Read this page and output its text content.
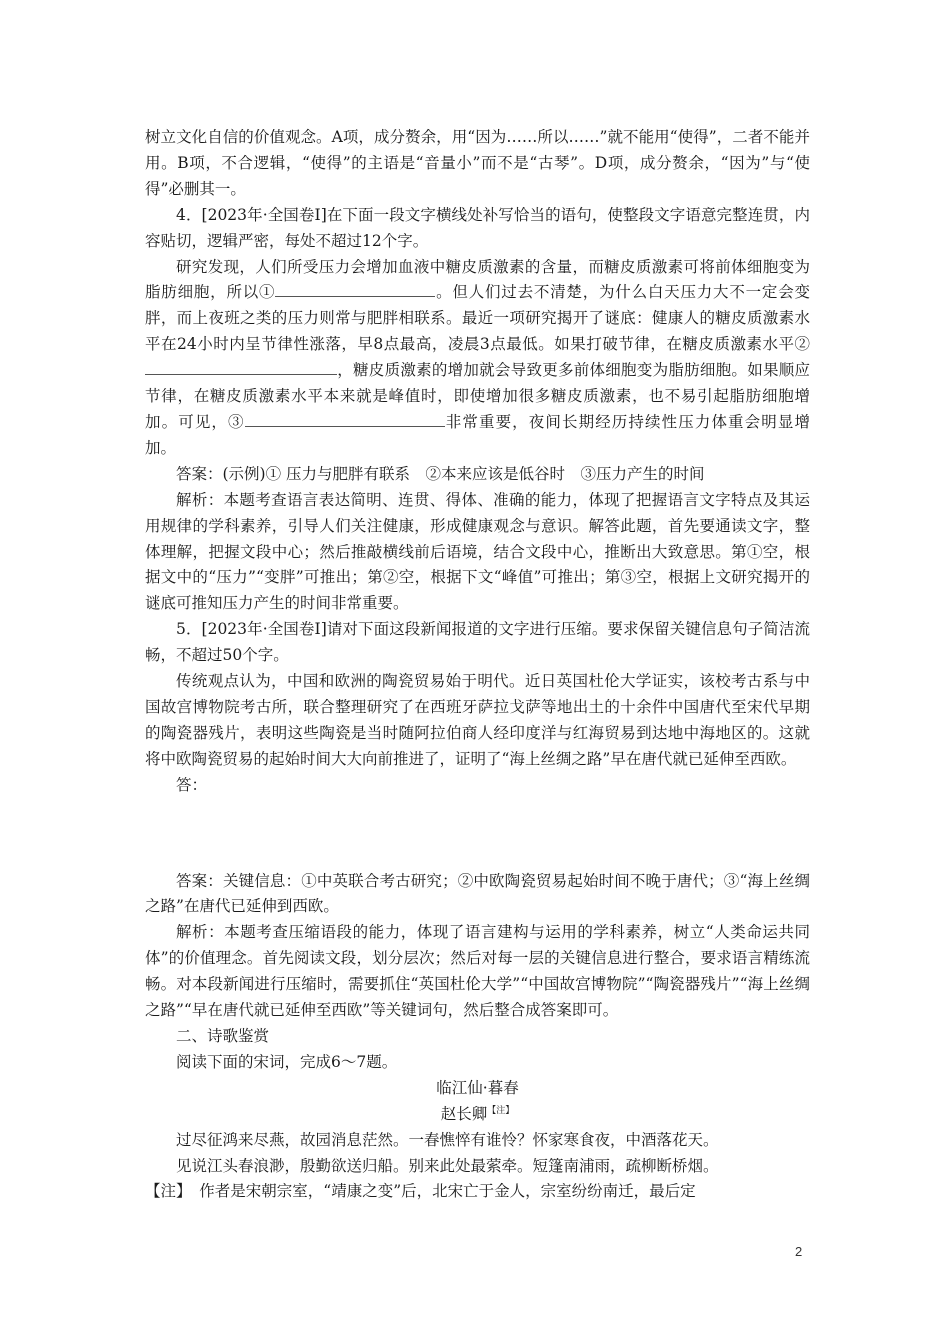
树立文化自信的价值观念。A项，成分赘余，用“因为……所以……”就不能用“使得”，二者不能并用。B项，不合逻辑，“使得”的主语是“音量小”而不是“古琴”。D项，成分赘余，“因为”与“使得”必删其一。

4．[2023年·全国卷Ⅰ]在下面一段文字横线处补写恰当的语句，使整段文字语意完整连贯，内容贴切，逻辑严密，每处不超过12个字。

研究发现，人们所受压力会增加血液中糖皮质激素的含量，而糖皮质激素可将前体细胞变为脂肪细胞，所以①	。但人们过去不清楚，为什么白天压力大不一定会变胖，而上夜班之类的压力则常与肥胖相联系。最近一项研究揭开了谜底：健康人的糖皮质激素水平在24小时内呈节律性涨落，早8点最高，凌晨3点最低。如果打破节律，在糖皮质激素水平②，糖皮质激素的增加就会导致更多前体细胞变为脂肪细胞。如果顺应节律，在糖皮质激素水平本来就是峰值时，即使增加很多糖皮质激素，也不易引起脂肪细胞增加。可见，③	非常重要，夜间长期经历持续性压力体重会明显增加。

答案：(示例)① 压力与肥胖有联系　②本来应该是低谷时　③压力产生的时间

解析：本题考查语言表达简明、连贯、得体、准确的能力，体现了把握语言文字特点及其运用规律的学科素养，引导人们关注健康，形成健康观念与意识。解答此题，首先要通读文字，整体理解，把握文段中心；然后推敲横线前后语境，结合文段中心，推断出大致意思。第①空，根据文中的“压力”“变胖”可推出；第②空，根据下文“峰值”可推出；第③空，根据上文研究揭开的谜底可推知压力产生的时间非常重要。

5．[2023年·全国卷Ⅰ]请对下面这段新闻报道的文字进行压缩。要求保留关键信息句子简洁流畅，不超过50个字。

传统观点认为，中国和欧洲的陶瓷贸易始于明代。近日英国杜伦大学证实，该校考古系与中国故宫博物院考古所，联合整理研究了在西班牙萨拉戈萨等地出土的十余件中国唐代至宋代早期的陶瓷器残片，表明这些陶瓷是当时随阿拉伯商人经印度洋与红海贸易到达地中海地区的。这就将中欧陶瓷贸易的起始时间大大向前推进了，证明了“海上丝绸之路”早在唐代就已延伸至西欧。

答：

答案：关键信息：①中英联合考古研究；②中欧陶瓷贸易起始时间不晚于唐代；③“海上丝绸之路”在唐代已延伸到西欧。

解析：本题考查压缩语段的能力，体现了语言建构与运用的学科素养，树立“人类命运共同体”的价值理念。首先阅读文段，划分层次；然后对每一层的关键信息进行整合，要求语言精练流畅。对本段新闻进行压缩时，需要抓住“英国杜伦大学”“中国故宫博物院”“陶瓷器残片”“海上丝绸之路”“早在唐代就已延伸至西欧”等关键词句，然后整合成答案即可。

二、诗歌鉴赏

阅读下面的宋词，完成6～7题。

临江仙·暮春

赵长卿$^{【注】}$

过尽征鸿来尽燕，故园消息茫然。一春憔悴有谁怜？怀家寒食夜，中酒落花天。

见说江头春浪渺，殷勤欲送归船。别来此处最萦牵。短篷南浦雨，疏柳断桥烟。

【注】　作者是宋朝宗室，“靖康之变”后，北宋亡于金人，宗室纷纷南迁，最后定

2
